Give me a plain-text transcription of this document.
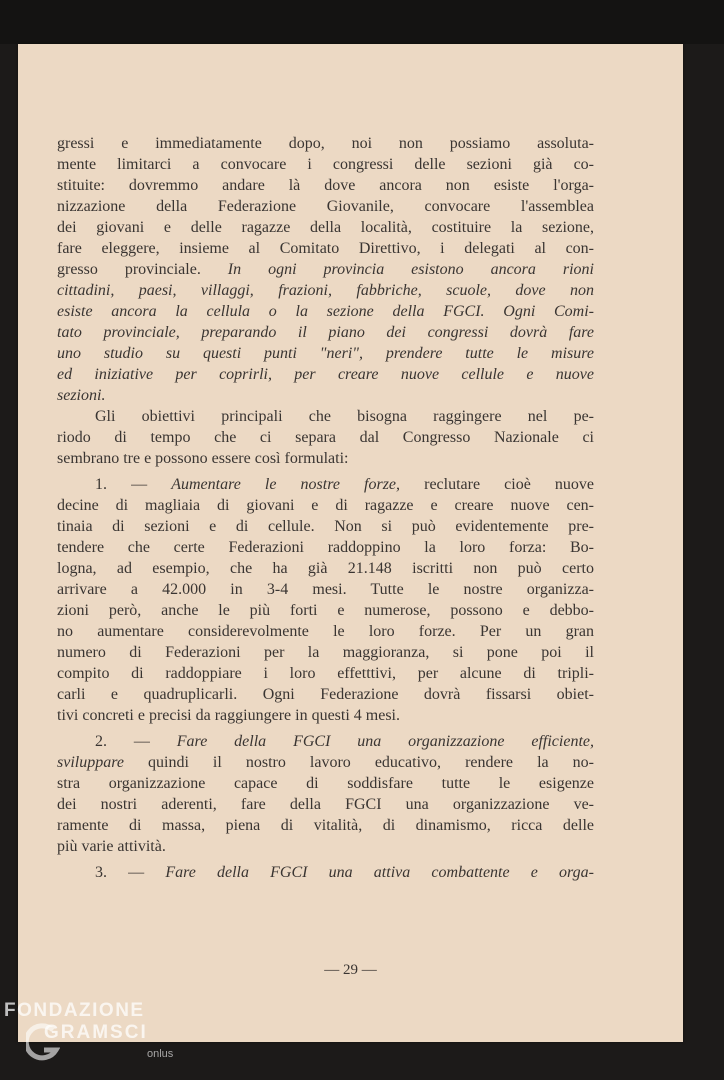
— 29 —
gressi e immediatamente dopo, noi non possiamo assoluta-
mente limitarci a convocare i congressi delle sezioni già co-
stituite: dovremmo andare là dove ancora non esiste l'orga-
nizzazione della Federazione Giovanile, convocare l'assemblea
dei giovani e delle ragazze della località, costituire la sezione,
fare eleggere, insieme al Comitato Direttivo, i delegati al con-
gresso provinciale. In ogni provincia esistono ancora rioni
cittadini, paesi, villaggi, frazioni, fabbriche, scuole, dove non
esiste ancora la cellula o la sezione della FGCI. Ogni Comi-
tato provinciale, preparando il piano dei congressi dovrà fare
uno studio su questi punti "neri", prendere tutte le misure
ed iniziative per coprirli, per creare nuove cellule e nuove
sezioni.
Gli obiettivi principali che bisogna raggingere nel pe-
riodo di tempo che ci separa dal Congresso Nazionale ci
sembrano tre e possono essere così formulati:
1. — Aumentare le nostre forze, reclutare cioè nuove
decine di magliaia di giovani e di ragazze e creare nuove cen-
tinaia di sezioni e di cellule. Non si può evidentemente pre-
tendere che certe Federazioni raddoppino la loro forza: Bo-
logna, ad esempio, che ha già 21.148 iscritti non può certo
arrivare a 42.000 in 3-4 mesi. Tutte le nostre organizza-
zioni però, anche le più forti e numerose, possono e debbo-
no aumentare considerevolmente le loro forze. Per un gran
numero di Federazioni per la maggioranza, si pone poi il
compito di raddoppiare i loro effetttivi, per alcune di tripli-
carli e quadruplicarli. Ogni Federazione dovrà fissarsi obiet-
tivi concreti e precisi da raggiungere in questi 4 mesi.
2. — Fare della FGCI una organizzazione efficiente,
sviluppare quindi il nostro lavoro educativo, rendere la no-
stra organizzazione capace di soddisfare tutte le esigenze
dei nostri aderenti, fare della FGCI una organizzazione ve-
ramente di massa, piena di vitalità, di dinamismo, ricca delle
più varie attività.
3. — Fare della FGCI una attiva combattente e orga-
FONDAZIONE
GRAMSCI
onlus
